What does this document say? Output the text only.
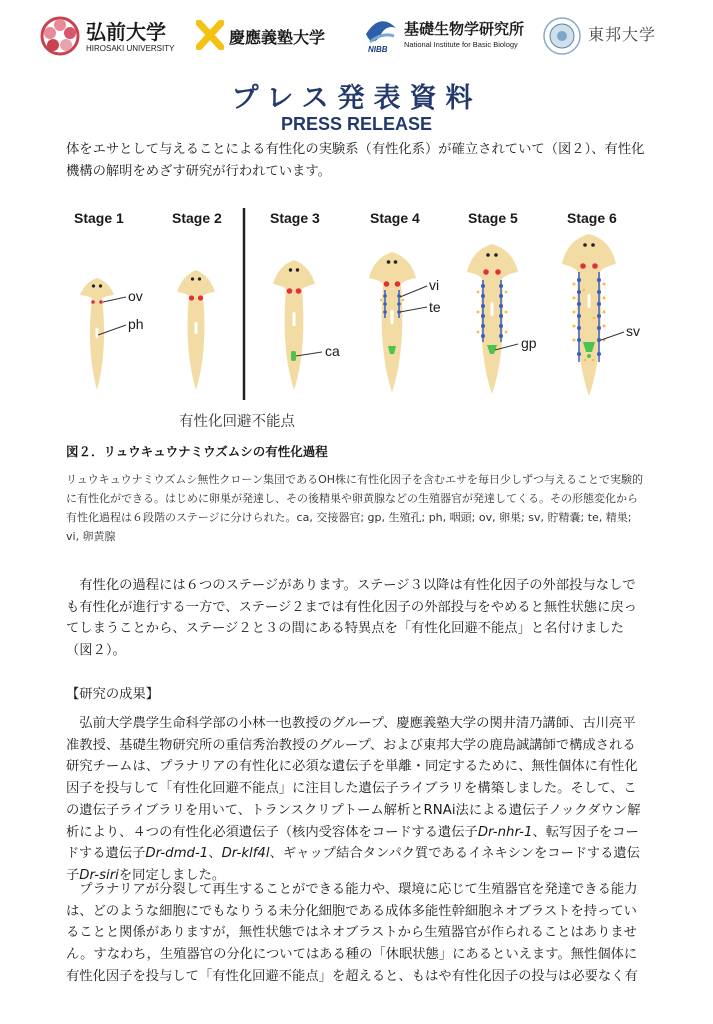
弘前大学
HIROSAKI UNIVERSITY
慶應義塾大学
NIBB
基礎生物学研究所
National Institute for Basic Biology
東邦大学
プレス発表資料
PRESS RELEASE
体をエサとして与えることによる有性化の実験系（有性化系）が確立されていて（図２）、有性化機構の解明をめざす研究が行われています。
Stage 1	Stage 2	Stage 3	Stage 4	Stage 5	Stage 6
ov
ph
ca
vi
te
gp
sv
有性化回避不能点
図２．リュウキュウナミウズムシの有性化過程
リュウキュウナミウズムシ無性クローン集団であるOH株に有性化因子を含むエサを毎日少しずつ与えることで実験的に有性化ができる。はじめに卵巣が発達し、その後精巣や卵黄腺などの生殖器官が発達してくる。その形態変化から有性化過程は６段階のステージに分けられた。ca, 交接器官; gp, 生殖孔; ph, 咽頭; ov, 卵巣; sv, 貯精嚢; te, 精巣; vi, 卵黄腺
　有性化の過程には６つのステージがあります。ステージ３以降は有性化因子の外部投与なしでも有性化が進行する一方で、ステージ２までは有性化因子の外部投与をやめると無性状態に戻ってしまうことから、ステージ２と３の間にある特異点を「有性化回避不能点」と名付けました（図２）。
【研究の成果】
　弘前大学農学生命科学部の小林一也教授のグループ、慶應義塾大学の関井清乃講師、古川亮平准教授、基礎生物研究所の重信秀治教授のグループ、および東邦大学の鹿島誠講師で構成される研究チームは、プラナリアの有性化に必須な遺伝子を単離・同定するために、無性個体に有性化因子を投与して「有性化回避不能点」に注目した遺伝子ライブラリを構築しました。そして、この遺伝子ライブラリを用いて、トランスクリプトーム解析とRNAi法による遺伝子ノックダウン解析により、４つの有性化必須遺伝子（核内受容体をコードする遺伝子Dr-nhr-1、転写因子をコードする遺伝子Dr-dmd-1、Dr-klf4l、ギャップ結合タンパク質であるイネキシンをコードする遺伝子Dr-siriを同定しました。
　プラナリアが分裂して再生することができる能力や、環境に応じて生殖器官を発達できる能力は、どのような細胞にでもなりうる未分化細胞である成体多能性幹細胞ネオブラストを持っていることと関係がありますが，無性状態ではネオブラストから生殖器官が作られることはありません。すなわち，生殖器官の分化についてはある種の「休眠状態」にあるといえます。無性個体に有性化因子を投与して「有性化回避不能点」を超えると、もはや有性化因子の投与は必要なく有
